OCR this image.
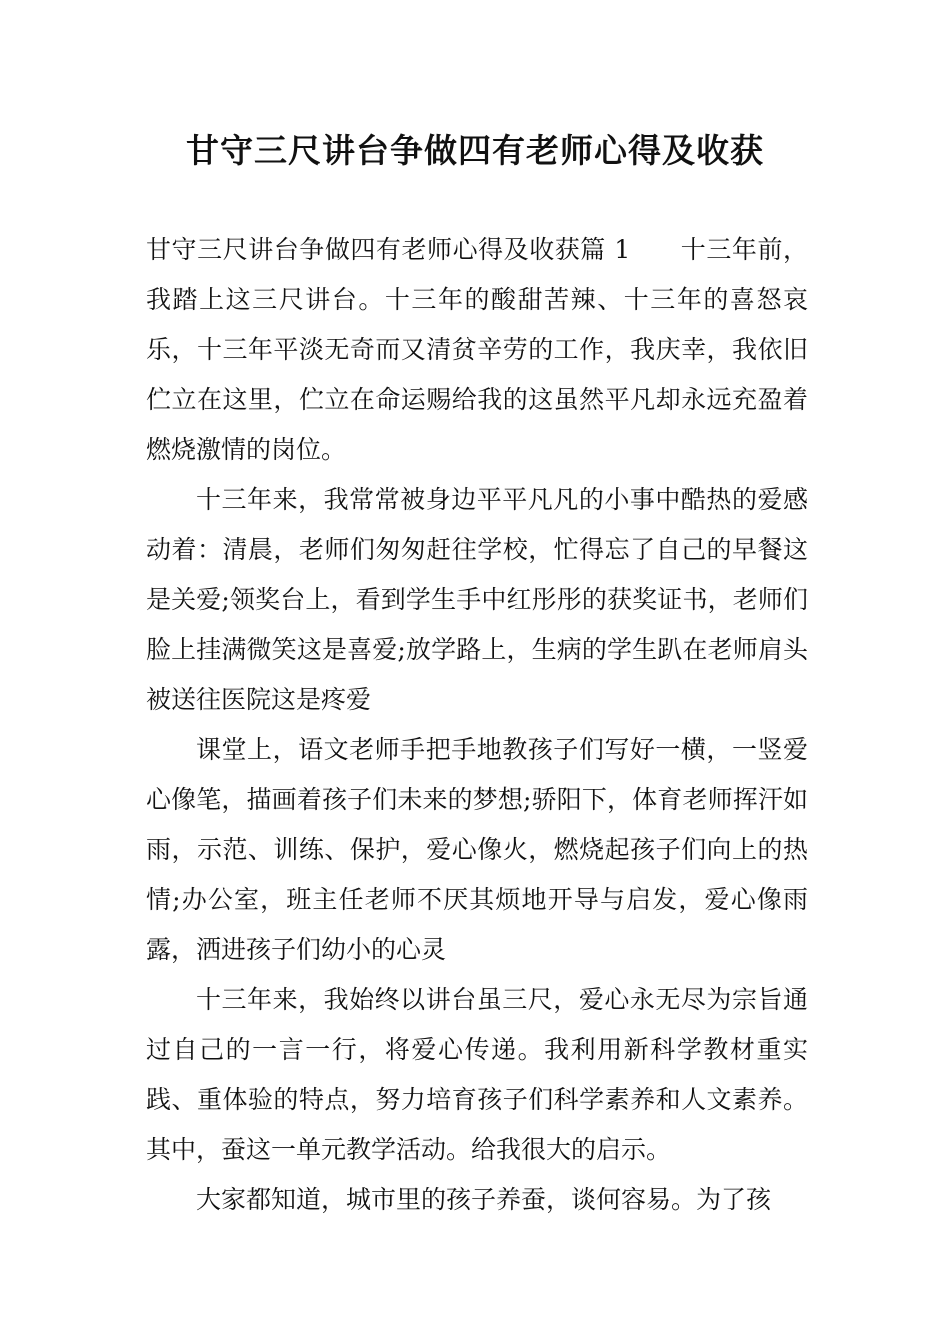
甘守三尺讲台争做四有老师心得及收获

甘守三尺讲台争做四有老师心得及收获篇 1 十三年前，我踏上这三尺讲台。十三年的酸甜苦辣、十三年的喜怒哀乐，十三年平淡无奇而又清贫辛劳的工作，我庆幸，我依旧伫立在这里，伫立在命运赐给我的这虽然平凡却永远充盈着燃烧激情的岗位。

十三年来，我常常被身边平平凡凡的小事中酷热的爱感动着：清晨，老师们匆匆赶往学校，忙得忘了自己的早餐这是关爱;领奖台上，看到学生手中红彤彤的获奖证书，老师们脸上挂满微笑这是喜爱;放学路上，生病的学生趴在老师肩头被送往医院这是疼爱

课堂上，语文老师手把手地教孩子们写好一横，一竖爱心像笔，描画着孩子们未来的梦想;骄阳下，体育老师挥汗如雨，示范、训练、保护，爱心像火，燃烧起孩子们向上的热情;办公室，班主任老师不厌其烦地开导与启发，爱心像雨露，洒进孩子们幼小的心灵

十三年来，我始终以讲台虽三尺，爱心永无尽为宗旨通过自己的一言一行，将爱心传递。我利用新科学教材重实践、重体验的特点，努力培育孩子们科学素养和人文素养。其中，蚕这一单元教学活动。给我很大的启示。

大家都知道，城市里的孩子养蚕，谈何容易。为了孩
